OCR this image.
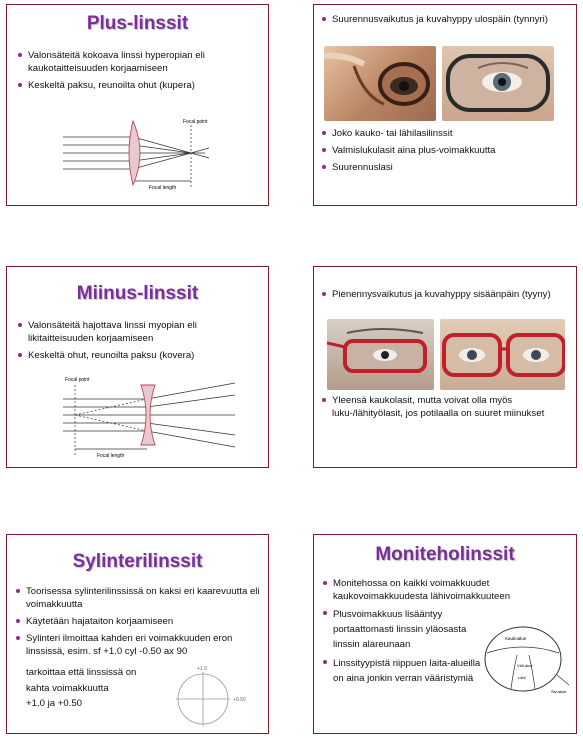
Plus-linssit
Valonsäteitä kokoava linssi hyperopian eli kaukotaitteisuuden korjaamiseen
Keskeltä paksu, reunoilta ohut (kupera)
Focal point
Focal length
Suurennusvaikutus ja kuvahyppy ulospäin (tynnyri)
Joko kauko- tai lähilasilinssit
Valmislukulasit aina plus-voimakkuutta
Suurennuslasi
Miinus-linssit
Valonsäteitä hajottava linssi myopian eli likitaitteisuuden korjaamiseen
Keskeltä ohut, reunoilta paksu (kovera)
Focal point
Focal length
Pienennysvaikutus ja kuvahyppy sisäänpäin (tyyny)
Yleensä kaukolasit, mutta voivat olla myös luku-/lähityölasit, jos potilaalla on suuret miinukset
Sylinterilinssit
Toorisessa sylinterilinssissä on kaksi eri kaarevuutta eli voimakkuutta
Käytetään hajataiton korjaamiseen
Sylinteri ilmoittaa kahden eri voimakkuuden eron linssissä, esim. sf +1.0 cyl -0.50 ax 90
tarkoittaa että linssissä on
kahta voimakkuutta
+1.0 ja +0.50
+1.0
+0.50
Moniteholinssit
Monitehossa on kaikki voimakkuudet kaukovoimakkuudesta lähivoimakkuuteen
Plusvoimakkuus lisääntyy portaattomasti linssin yläosasta linssin alareunaan
Linssityypistä riippuen laita-alueilla on aina jonkin verran vääristymiä
Kaukoalue
Väli-alue
Lähi
Sivualue
